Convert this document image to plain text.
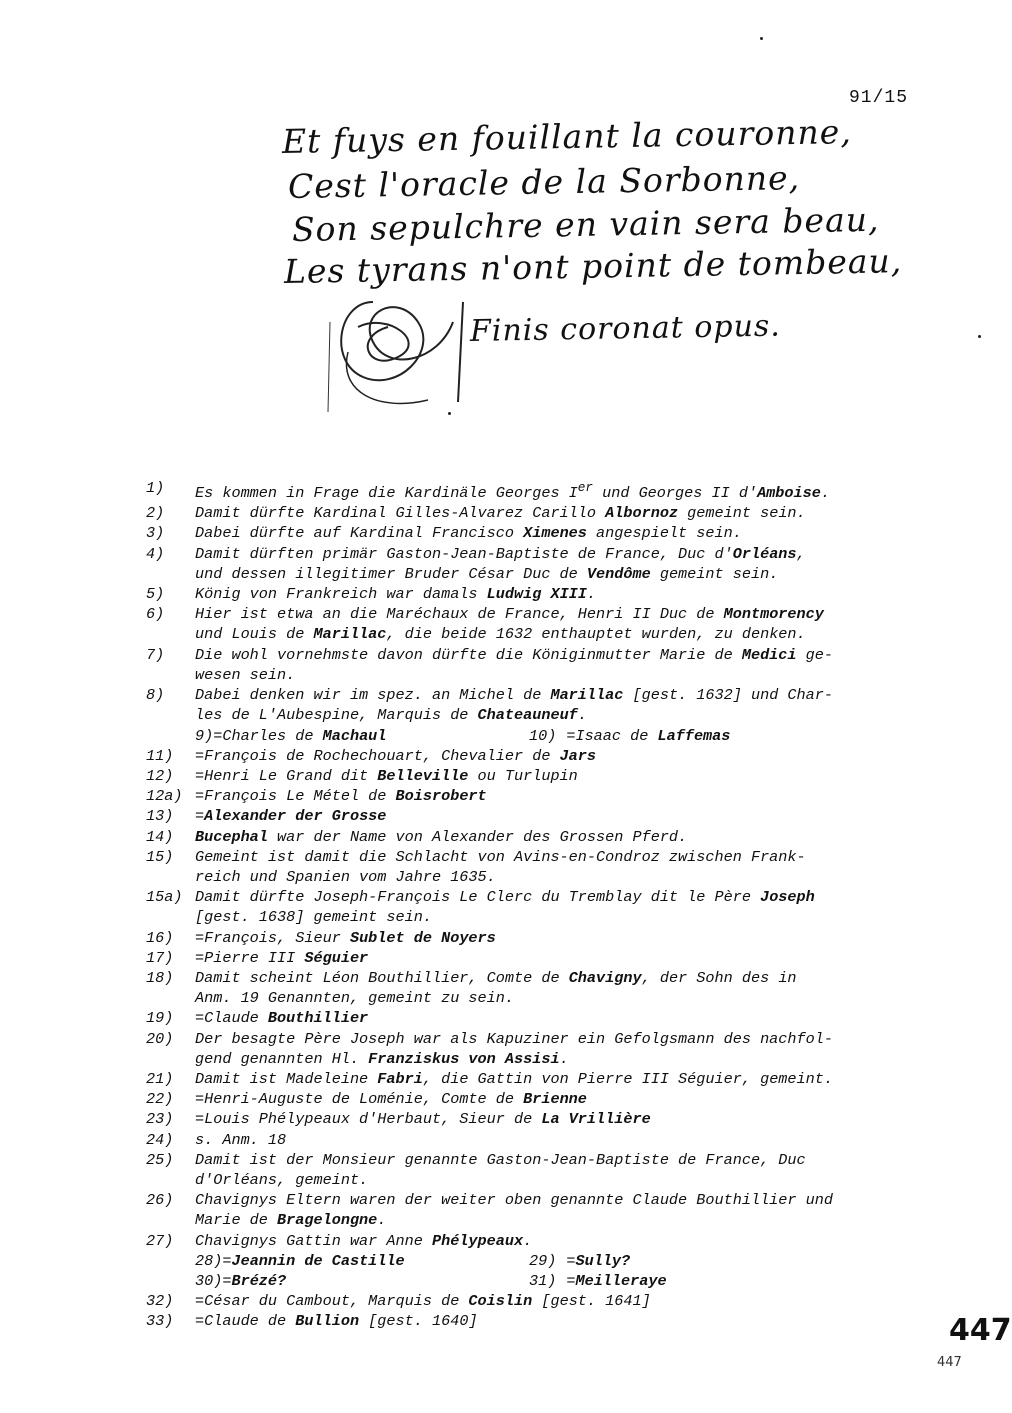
91/15
Et fuys en fouillant la couronne,
Cest l'oracle de la Sorbonne,
Son sepulchre en vain sera beau,
Les tyrans n'ont point de tombeau,
Finis coronat opus.
1) Es kommen in Frage die Kardinäle Georges Ier und Georges II d'Amboise.
2) Damit dürfte Kardinal Gilles-Alvarez Carillo Albornoz gemeint sein.
3) Dabei dürfte auf Kardinal Francisco Ximenes angespielt sein.
4) Damit dürften primär Gaston-Jean-Baptiste de France, Duc d'Orléans,
und dessen illegitimer Bruder César Duc de Vendôme gemeint sein.
5) König von Frankreich war damals Ludwig XIII.
6) Hier ist etwa an die Maréchaux de France, Henri II Duc de Montmorency
und Louis de Marillac, die beide 1632 enthauptet wurden, zu denken.
7) Die wohl vornehmste davon dürfte die Königinmutter Marie de Medici ge-
wesen sein.
8) Dabei denken wir im spez. an Michel de Marillac [gest. 1632] und Char-
les de L'Aubespine, Marquis de Chateauneuf.
9)=Charles de Machaul	10) =Isaac de Laffemas
11) =François de Rochechouart, Chevalier de Jars
12) =Henri Le Grand dit Belleville ou Turlupin
12a) =François Le Métel de Boisrobert
13) =Alexander der Grosse
14) Bucephal war der Name von Alexander des Grossen Pferd.
15) Gemeint ist damit die Schlacht von Avins-en-Condroz zwischen Frank-
reich und Spanien vom Jahre 1635.
15a) Damit dürfte Joseph-François Le Clerc du Tremblay dit le Père Joseph
[gest. 1638] gemeint sein.
16) =François, Sieur Sublet de Noyers
17) =Pierre III Séguier
18) Damit scheint Léon Bouthillier, Comte de Chavigny, der Sohn des in
Anm. 19 Genannten, gemeint zu sein.
19) =Claude Bouthillier
20) Der besagte Père Joseph war als Kapuziner ein Gefolgsmann des nachfol-
gend genannten Hl. Franziskus von Assisi.
21) Damit ist Madeleine Fabri, die Gattin von Pierre III Séguier, gemeint.
22) =Henri-Auguste de Loménie, Comte de Brienne
23) =Louis Phélypeaux d'Herbaut, Sieur de La Vrillière
24) s. Anm. 18
25) Damit ist der Monsieur genannte Gaston-Jean-Baptiste de France, Duc
d'Orléans, gemeint.
26) Chavignys Eltern waren der weiter oben genannte Claude Bouthillier und
Marie de Bragelongne.
27) Chavignys Gattin war Anne Phélypeaux.
28)=Jeannin de Castille	29) =Sully?
30)=Brézé?	31) =Meilleraye
32) =César du Cambout, Marquis de Coislin [gest. 1641]
33) =Claude de Bullion [gest. 1640]	447
447
